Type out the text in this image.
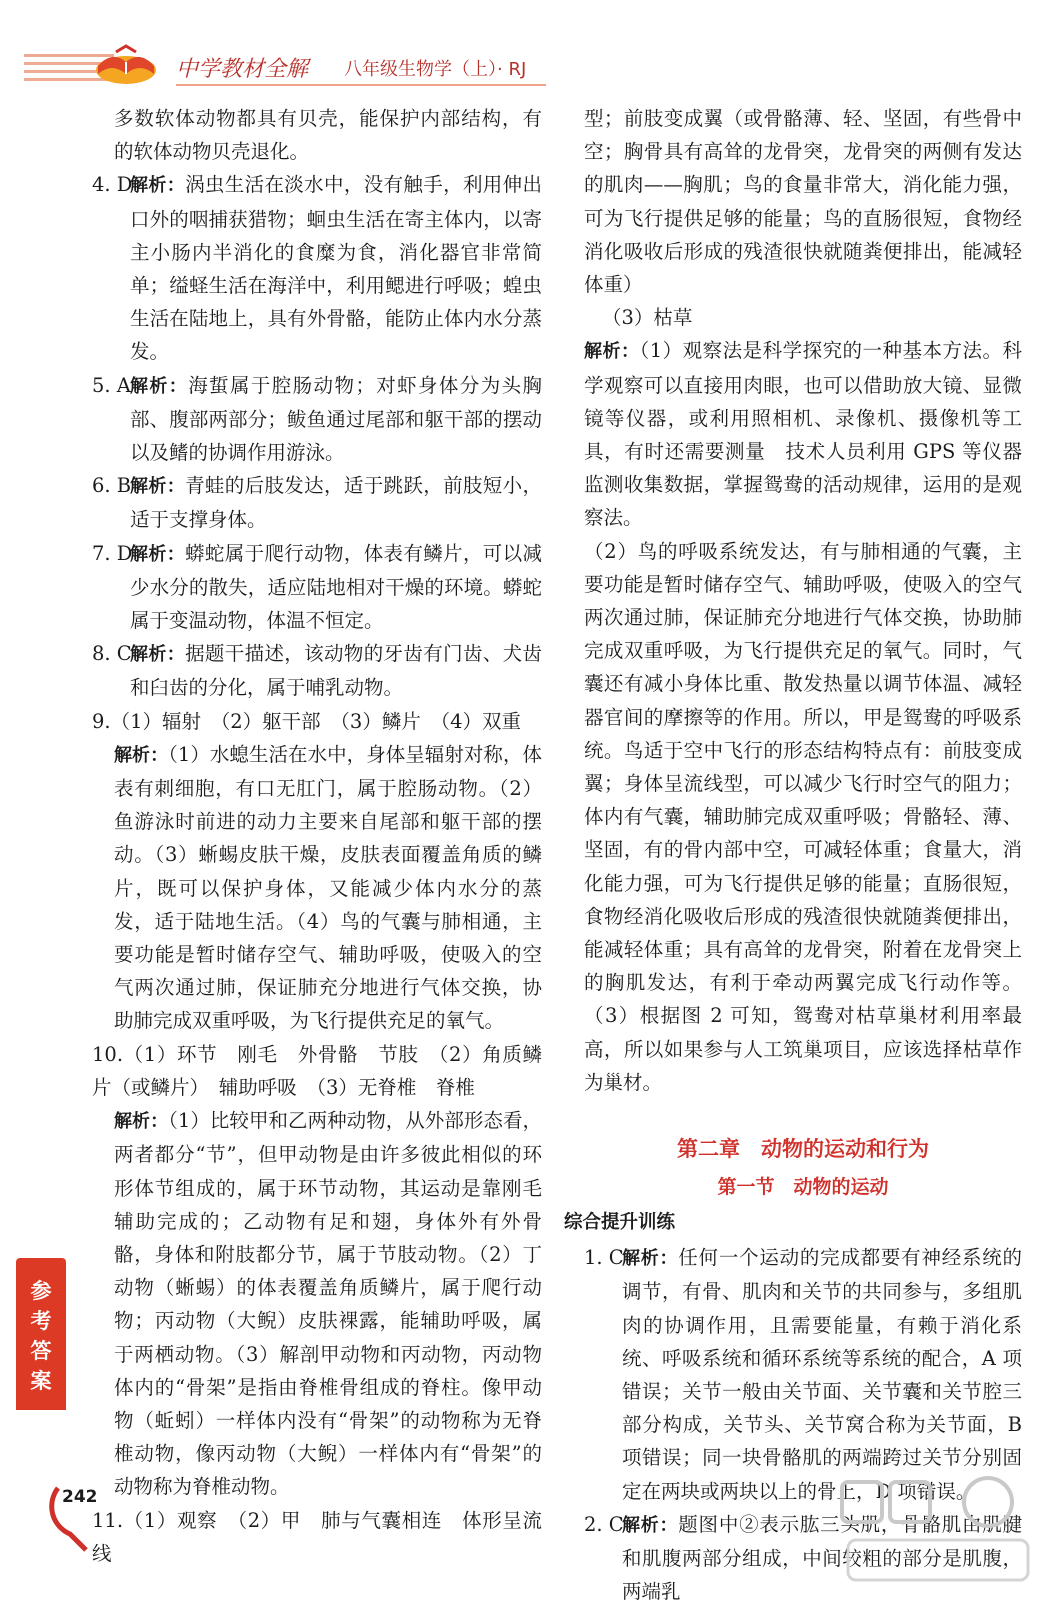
中学教材全解 八年级生物学（上）· RJ

多数软体动物都具有贝壳，能保护内部结构，有的软体动物贝壳退化。

4. D

解析：涡虫生活在淡水中，没有触手，利用伸出口外的咽捕获猎物；蛔虫生活在寄主体内，以寄主小肠内半消化的食糜为食，消化器官非常简单；缢蛏生活在海洋中，利用鳃进行呼吸；蝗虫生活在陆地上，具有外骨骼，能防止体内水分蒸发。

5. A 解析：海蜇属于腔肠动物；对虾身体分为头胸部、腹部两部分；鲅鱼通过尾部和躯干部的摆动以及鳍的协调作用游泳。

6. B

解析：青蛙的后肢发达，适于跳跃，前肢短小，适于支撑身体。

7. D

解析：蟒蛇属于爬行动物，体表有鳞片，可以减少水分的散失，适应陆地相对干燥的环境。蟒蛇属于变温动物，体温不恒定。

8. C

解析：据题干描述，该动物的牙齿有门齿、犬齿和臼齿的分化，属于哺乳动物。

9.（1）辐射　（2）躯干部　（3）鳞片　（4）双重

解析：（1）水螅生活在水中，身体呈辐射对称，体表有刺细胞，有口无肛门，属于腔肠动物。（2）鱼游泳时前进的动力主要来自尾部和躯干部的摆动。（3）蜥蜴皮肤干燥，皮肤表面覆盖角质的鳞片，既可以保护身体，又能减少体内水分的蒸发，适于陆地生活。（4）鸟的气囊与肺相通，主要功能是暂时储存空气、辅助呼吸，使吸入的空气两次通过肺，保证肺充分地进行气体交换，协助肺完成双重呼吸，为飞行提供充足的氧气。

10.（1）环节　刚毛　外骨骼　节肢　（2）角质鳞片（或鳞片）　辅助呼吸　（3）无脊椎　脊椎

解析：（1）比较甲和乙两种动物，从外部形态看，两者都分“节”，但甲动物是由许多彼此相似的环形体节组成的，属于环节动物，其运动是靠刚毛辅助完成的；乙动物有足和翅，身体外有外骨骼，身体和附肢都分节，属于节肢动物。（2）丁动物（蜥蜴）的体表覆盖角质鳞片，属于爬行动物；丙动物（大鲵）皮肤裸露，能辅助呼吸，属于两栖动物。（3）解剖甲动物和丙动物，丙动物体内的“骨架”是指由脊椎骨组成的脊柱。像甲动物（蚯蚓）一样体内没有“骨架”的动物称为无脊椎动物，像丙动物（大鲵）一样体内有“骨架”的动物称为脊椎动物。

11.（1）观察　（2）甲　肺与气囊相连　体形呈流线

型；前肢变成翼（或骨骼薄、轻、坚固，有些骨中空；胸骨具有高耸的龙骨突，龙骨突的两侧有发达的肌肉——胸肌；鸟的食量非常大，消化能力强，可为飞行提供足够的能量；鸟的直肠很短，食物经消化吸收后形成的残渣很快就随粪便排出，能减轻体重）

（3）枯草

解析：（1）观察法是科学探究的一种基本方法。科学观察可以直接用肉眼，也可以借助放大镜、显微镜等仪器，或利用照相机、录像机、摄像机等工具，有时还需要测量　技术人员利用 GPS 等仪器监测收集数据，掌握鸳鸯的活动规律，运用的是观察法。

（2）鸟的呼吸系统发达，有与肺相通的气囊，主要功能是暂时储存空气、辅助呼吸，使吸入的空气两次通过肺，保证肺充分地进行气体交换，协助肺完成双重呼吸，为飞行提供充足的氧气。同时，气囊还有减小身体比重、散发热量以调节体温、减轻器官间的摩擦等的作用。所以，甲是鸳鸯的呼吸系统。鸟适于空中飞行的形态结构特点有：前肢变成翼；身体呈流线型，可以减少飞行时空气的阻力；体内有气囊，辅助肺完成双重呼吸；骨骼轻、薄、坚固，有的骨内部中空，可减轻体重；食量大，消化能力强，可为飞行提供足够的能量；直肠很短，食物经消化吸收后形成的残渣很快就随粪便排出，能减轻体重；具有高耸的龙骨突，附着在龙骨突上的胸肌发达，有利于牵动两翼完成飞行动作等。（3）根据图 2 可知，鸳鸯对枯草巢材利用率最高，所以如果参与人工筑巢项目，应该选择枯草作为巢材。

第二章　动物的运动和行为
第一节　动物的运动
综合提升训练
1. C

解析：任何一个运动的完成都要有神经系统的调节，有骨、肌肉和关节的共同参与，多组肌肉的协调作用，且需要能量，有赖于消化系统、呼吸系统和循环系统等系统的配合，A 项错误；关节一般由关节面、关节囊和关节腔三部分构成，关节头、关节窝合称为关节面，B 项错误；同一块骨骼肌的两端跨过关节分别固定在两块或两块以上的骨上，D 项错误。

2. C

解析：题图中②表示肱三头肌，骨骼肌由肌腱和肌腹两部分组成，中间较粗的部分是肌腹，两端乳

参考答案
242
